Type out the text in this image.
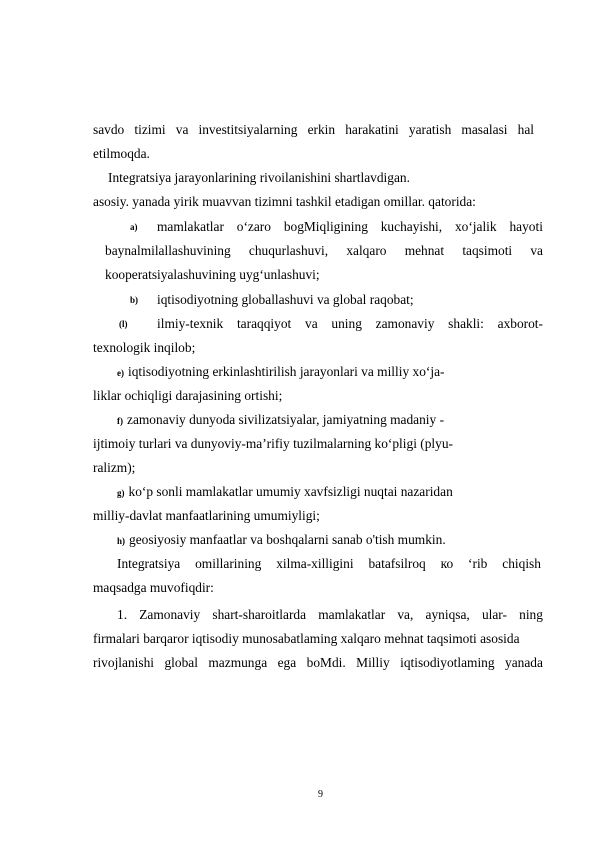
savdo tizimi va investitsiyalarning erkin harakatini yaratish masalasi hal
etilmoqda.
Integratsiya jarayonlarining rivoilanishini shartlavdigan.
asosiy. yanada yirik muavvan tizimni tashkil etadigan omillar. qatorida:
a) mamlakatlar o‘zaro bogMiqligining kuchayishi, xo‘jalik hayoti
baynalmilallashuvining chuqurlashuvi, xalqaro mehnat taqsimoti va
kooperatsiyalashuvining uyg‘unlashuvi;
b) iqtisodiyotning globallashuvi va global raqobat;
(l) ilmiy-texnik taraqqiyot va uning zamonaviy shakli: axborot-
texnologik inqilob;
e) iqtisodiyotning erkinlashtirilish jarayonlari va milliy xo‘ja-
liklar ochiqligi darajasining ortishi;
f) zamonaviy dunyoda sivilizatsiyalar, jamiyatning madaniy -
ijtimoiy turlari va dunyoviy-ma’rifiy tuzilmalarning ko‘pligi (plyu-
ralizm);
g) ko‘p sonli mamlakatlar umumiy xavfsizligi nuqtai nazaridan
milliy-davlat manfaatlarining umumiyligi;
h) geosiyosiy manfaatlar va boshqalarni sanab o'tish mumkin.
Integratsiya omillarining xilma-xilligini batafsilroq ко ‘rib chiqish
maqsadga muvofiqdir:
1. Zamonaviy shart-sharoitlarda mamlakatlar va, ayniqsa, ular- ning
firmalari barqaror iqtisodiy munosabatlaming xalqaro mehnat taqsimoti asosida
rivojlanishi global mazmunga ega boMdi. Milliy iqtisodiyotlaming yanada
9
